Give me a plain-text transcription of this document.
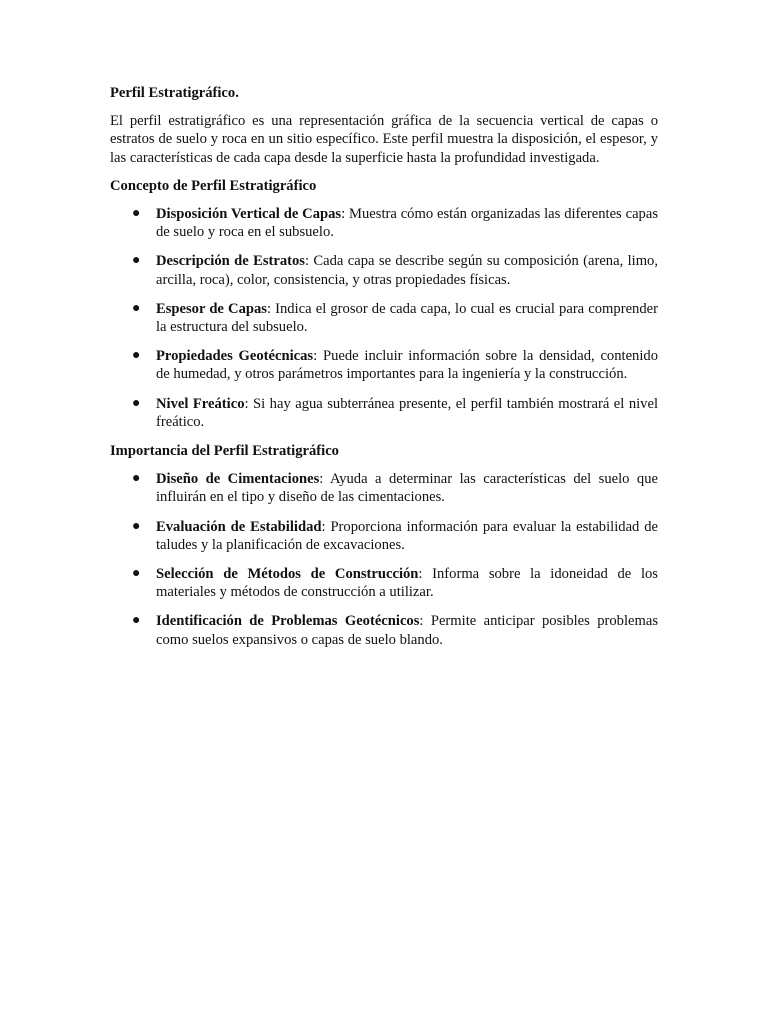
Perfil Estratigráfico.

El perfil estratigráfico es una representación gráfica de la secuencia vertical de capas o estratos de suelo y roca en un sitio específico. Este perfil muestra la disposición, el espesor, y las características de cada capa desde la superficie hasta la profundidad investigada.

Concepto de Perfil Estratigráfico

● Disposición Vertical de Capas: Muestra cómo están organizadas las diferentes capas de suelo y roca en el subsuelo.
● Descripción de Estratos: Cada capa se describe según su composición (arena, limo, arcilla, roca), color, consistencia, y otras propiedades físicas.
● Espesor de Capas: Indica el grosor de cada capa, lo cual es crucial para comprender la estructura del subsuelo.
● Propiedades Geotécnicas: Puede incluir información sobre la densidad, contenido de humedad, y otros parámetros importantes para la ingeniería y la construcción.
● Nivel Freático: Si hay agua subterránea presente, el perfil también mostrará el nivel freático.

Importancia del Perfil Estratigráfico

● Diseño de Cimentaciones: Ayuda a determinar las características del suelo que influirán en el tipo y diseño de las cimentaciones.
● Evaluación de Estabilidad: Proporciona información para evaluar la estabilidad de taludes y la planificación de excavaciones.
● Selección de Métodos de Construcción: Informa sobre la idoneidad de los materiales y métodos de construcción a utilizar.
● Identificación de Problemas Geotécnicos: Permite anticipar posibles problemas como suelos expansivos o capas de suelo blando.
